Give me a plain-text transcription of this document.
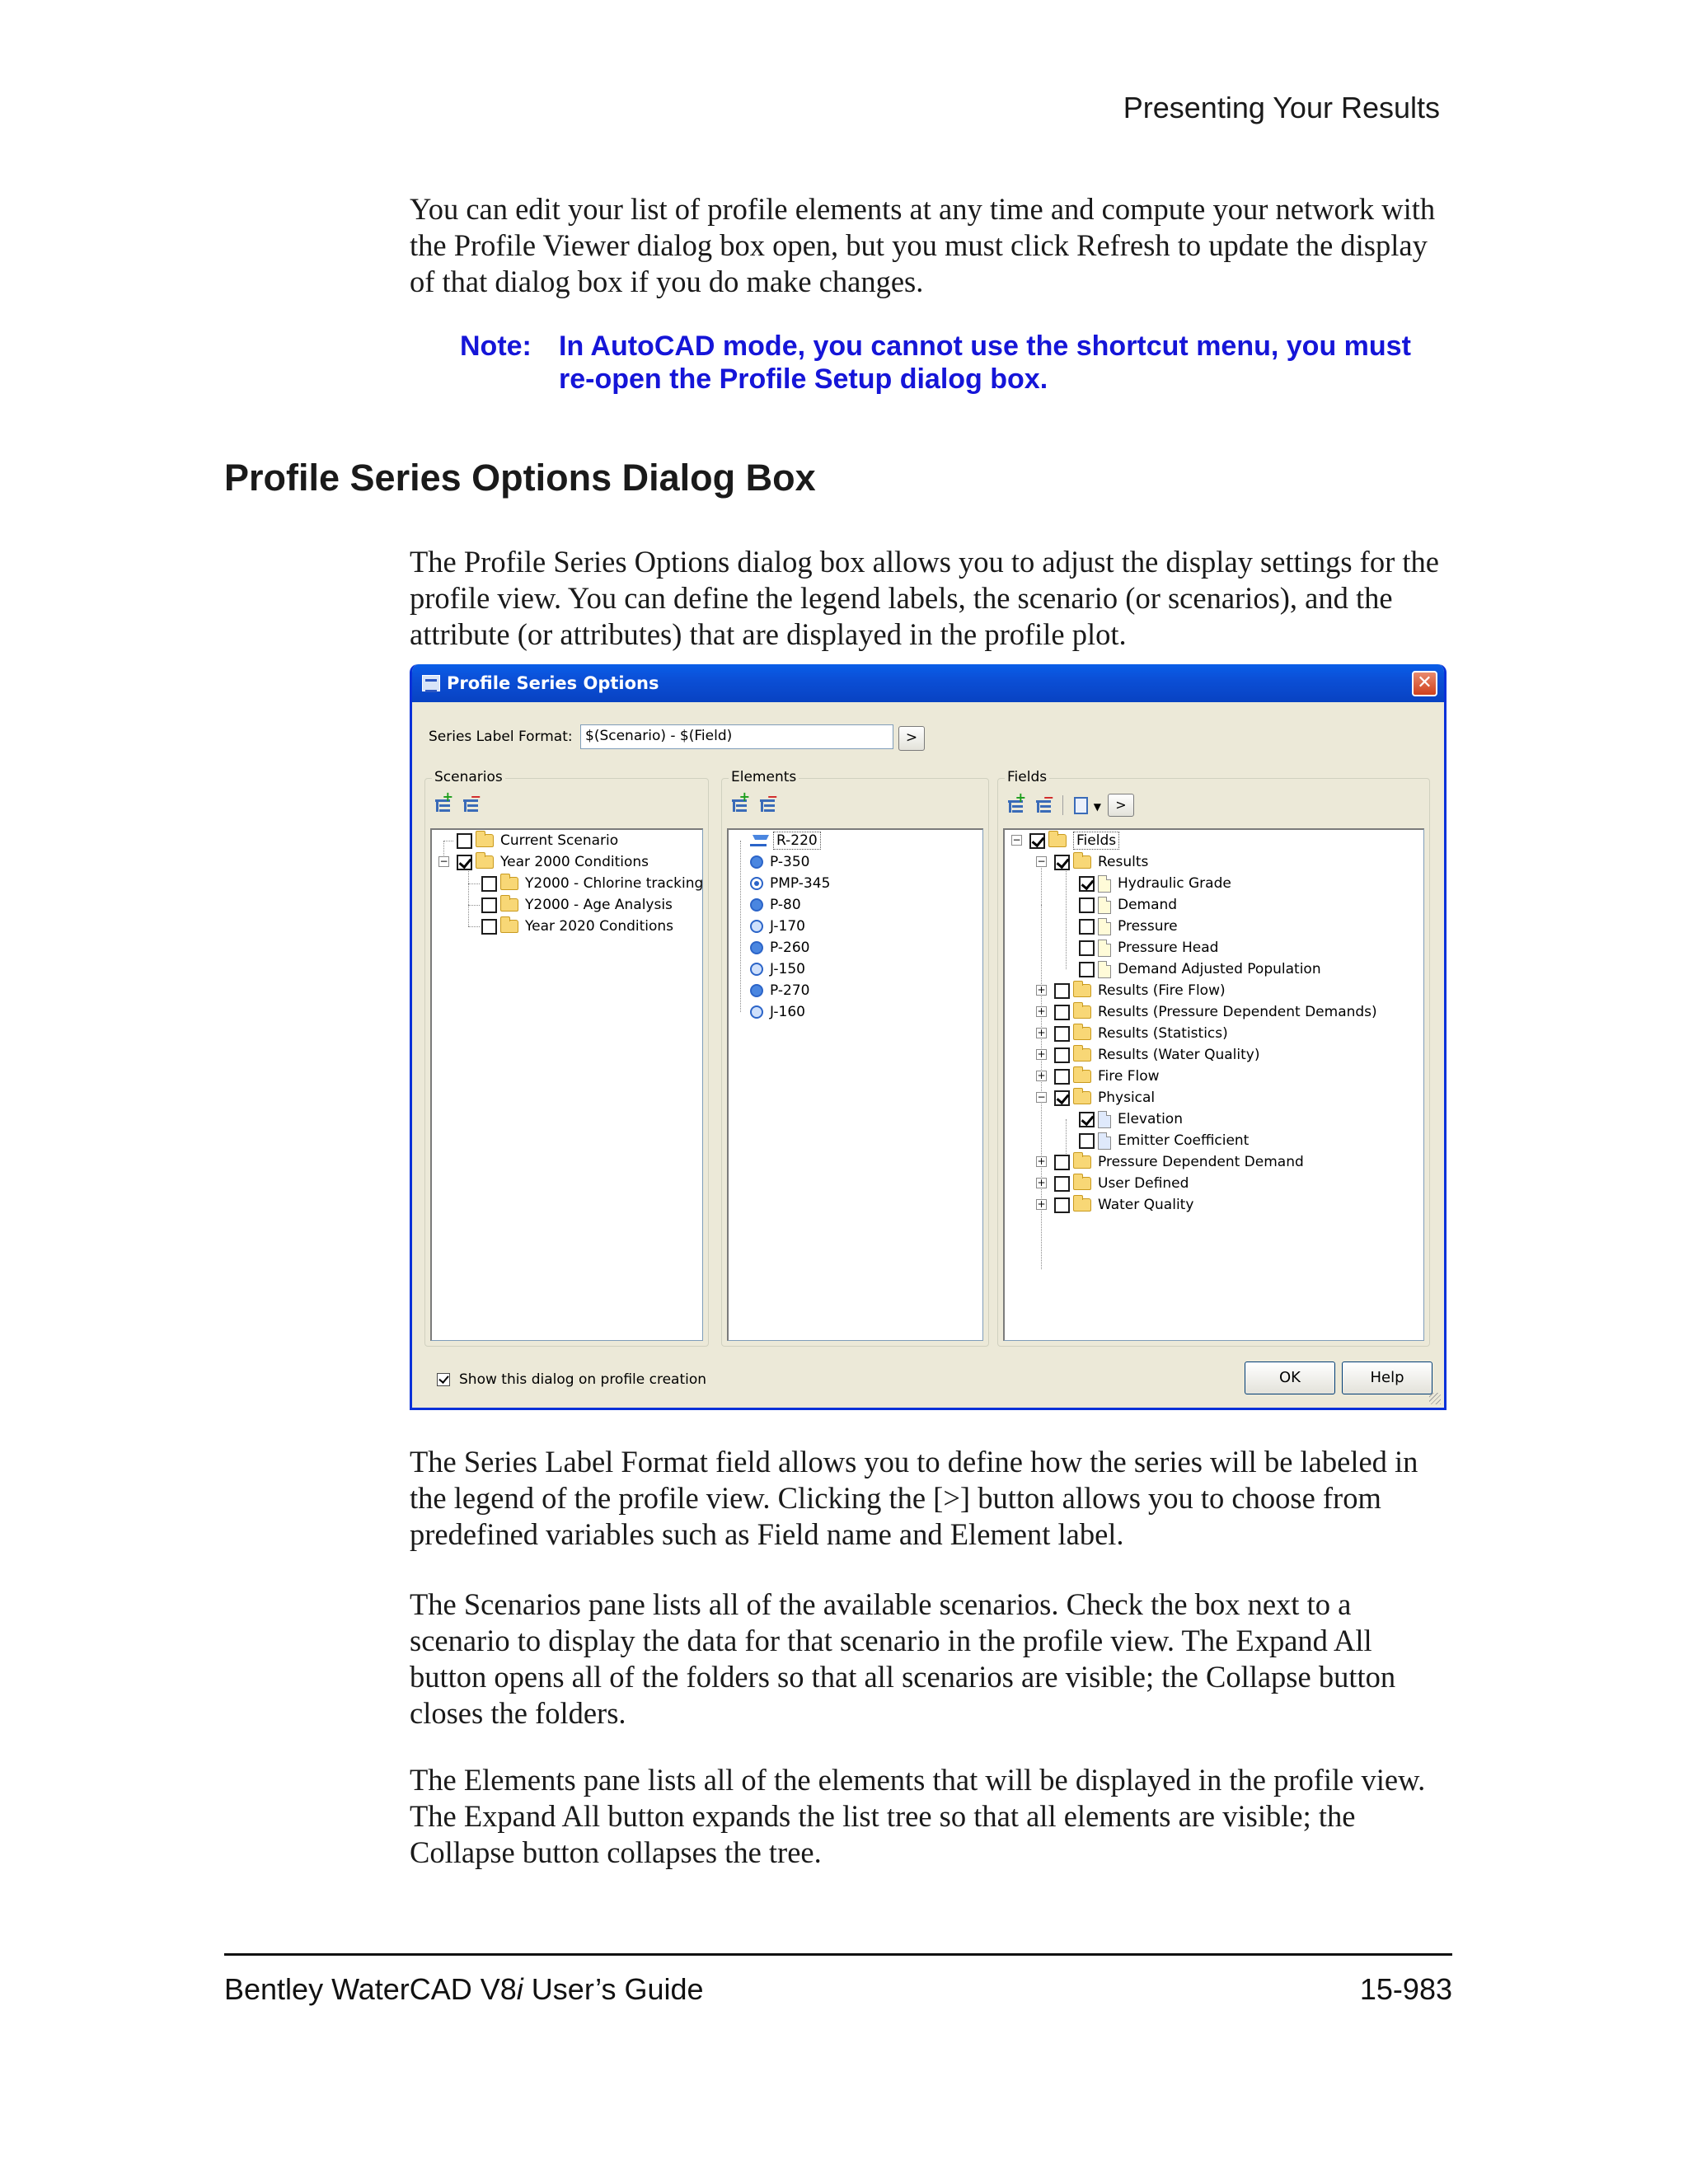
Presenting Your Results

You can edit your list of profile elements at any time and compute your network with the Profile Viewer dialog box open, but you must click Refresh to update the display of that dialog box if you do make changes.

Note: In AutoCAD mode, you cannot use the shortcut menu, you must re-open the Profile Setup dialog box.
Profile Series Options Dialog Box

The Profile Series Options dialog box allows you to adjust the display settings for the profile view. You can define the legend labels, the scenario (or scenarios), and the attribute (or attributes) that are displayed in the profile plot.

Profile Series Options	✕
Series Label Format: $(Scenario) - $(Field)	>
Scenarios
+ −
−
Current Scenario
Year 2000 Conditions
Y2000 - Chlorine tracking
Y2000 - Age Analysis
Year 2020 Conditions
Elements
+ −
R-220
P-350
PMP-345
P-80
J-170
P-260
J-150
P-270
J-160
Fields
+ −
▼	>
−
−
+
+
+
+
+
−
+
+
+
Fields
Results
Hydraulic Grade
Demand
Pressure
Pressure Head
Demand Adjusted Population
Results (Fire Flow)
Results (Pressure Dependent Demands)
Results (Statistics)
Results (Water Quality)
Fire Flow
Physical
Elevation
Emitter Coefficient
Pressure Dependent Demand
User Defined
Water Quality
Show this dialog on profile creation	OK	Help

The Series Label Format field allows you to define how the series will be labeled in the legend of the profile view. Clicking the [>] button allows you to choose from predefined variables such as Field name and Element label.

The Scenarios pane lists all of the available scenarios. Check the box next to a scenario to display the data for that scenario in the profile view. The Expand All button opens all of the folders so that all scenarios are visible; the Collapse button closes the folders.

The Elements pane lists all of the elements that will be displayed in the profile view. The Expand All button expands the list tree so that all elements are visible; the Collapse button collapses the tree.

Bentley WaterCAD V8i User’s Guide	15-983
